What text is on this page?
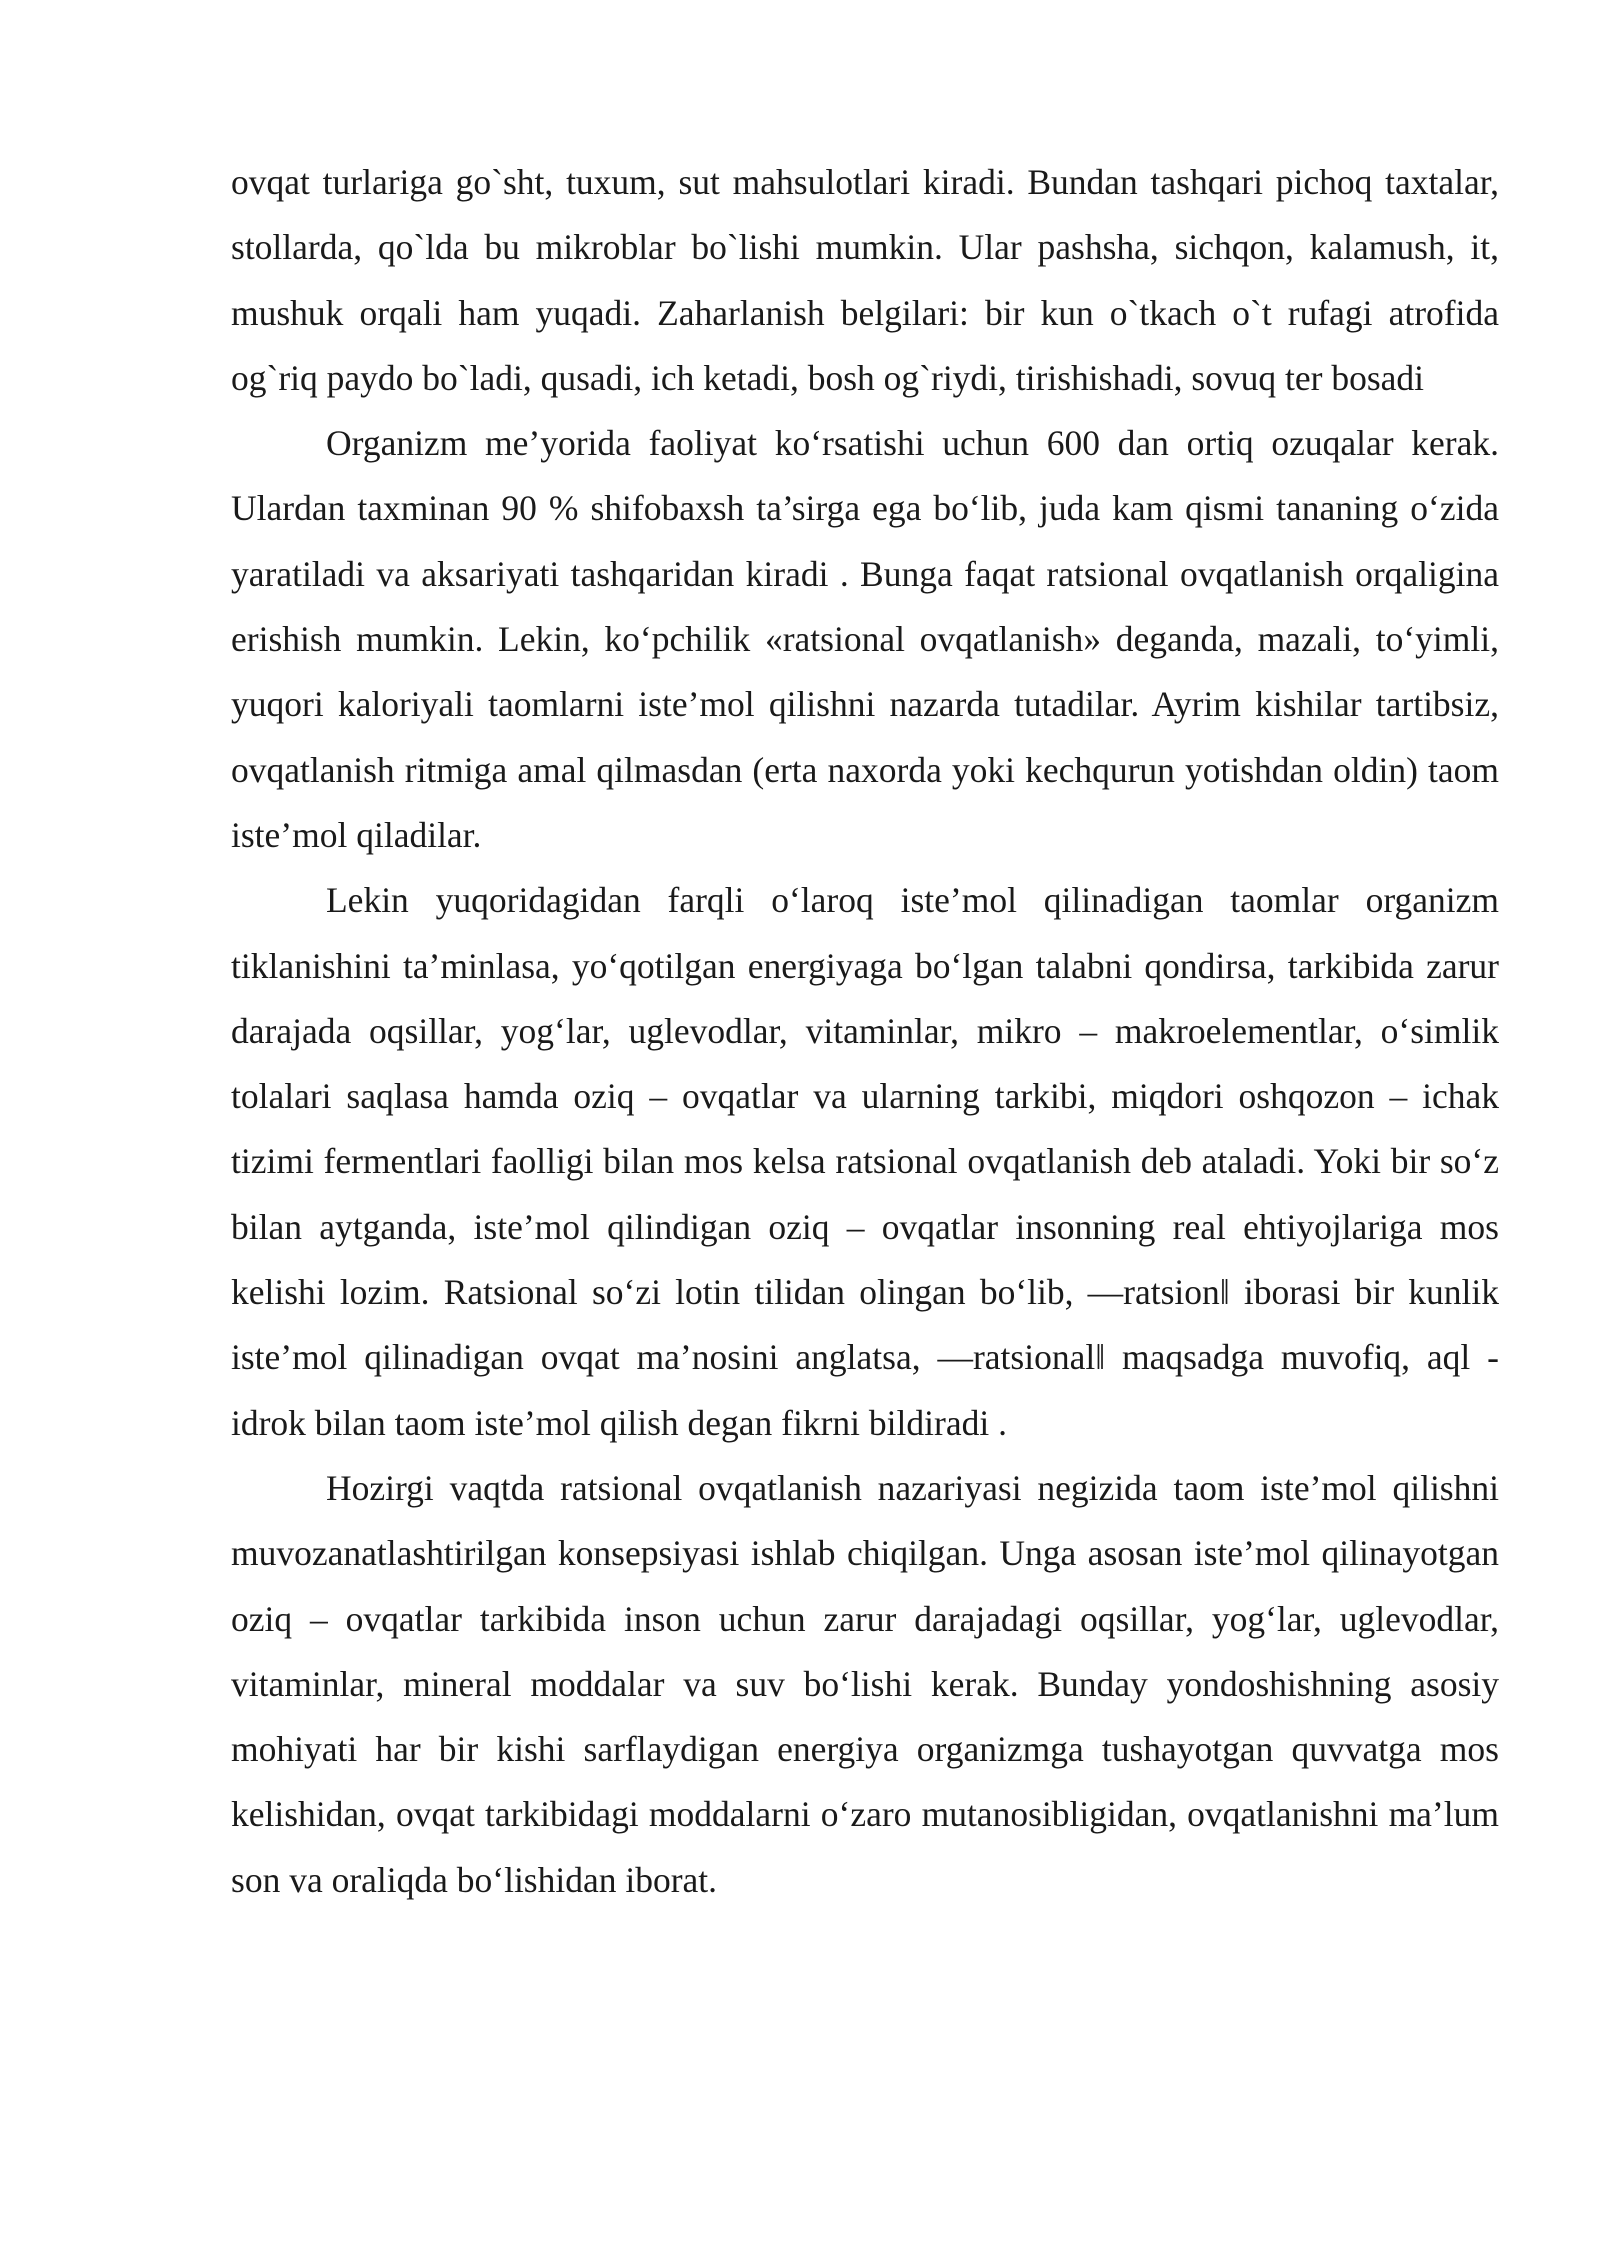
ovqat turlariga go`sht, tuxum, sut mahsulotlari kiradi. Bundan tashqari pichoq taxtalar, stollarda, qo`lda bu mikroblar bo`lishi mumkin. Ular pashsha, sichqon, kalamush, it, mushuk orqali ham yuqadi. Zaharlanish belgilari: bir kun o`tkach o`t rufagi atrofida og`riq paydo bo`ladi, qusadi, ich ketadi, bosh og`riydi, tirishishadi, sovuq ter bosadi

Organizm me’yorida faoliyat ko‘rsatishi uchun 600 dan ortiq ozuqalar kerak. Ulardan taxminan 90 % shifobaxsh ta’sirga ega bo‘lib, juda kam qismi tananing o‘zida yaratiladi va aksariyati tashqaridan kiradi . Bunga faqat ratsional ovqatlanish orqaligina erishish mumkin. Lekin, ko‘pchilik «ratsional ovqatlanish» deganda, mazali, to‘yimli, yuqori kaloriyali taomlarni iste’mol qilishni nazarda tutadilar. Ayrim kishilar tartibsiz, ovqatlanish ritmiga amal qilmasdan (erta naxorda yoki kechqurun yotishdan oldin) taom iste’mol qiladilar.

Lekin yuqoridagidan farqli o‘laroq iste’mol qilinadigan taomlar organizm tiklanishini ta’minlasa, yo‘qotilgan energiyaga bo‘lgan talabni qondirsa, tarkibida zarur darajada oqsillar, yog‘lar, uglevodlar, vitaminlar, mikro – makroelementlar, o‘simlik tolalari saqlasa hamda oziq – ovqatlar va ularning tarkibi, miqdori oshqozon – ichak tizimi fermentlari faolligi bilan mos kelsa ratsional ovqatlanish deb ataladi. Yoki bir so‘z bilan aytganda, iste’mol qilindigan oziq – ovqatlar insonning real ehtiyojlariga mos kelishi lozim. Ratsional so‘zi lotin tilidan olingan bo‘lib, ―ratsion‖ iborasi bir kunlik iste’mol qilinadigan ovqat ma’nosini anglatsa, ―ratsional‖ maqsadga muvofiq, aql - idrok bilan taom iste’mol qilish degan fikrni bildiradi .

Hozirgi vaqtda ratsional ovqatlanish nazariyasi negizida taom iste’mol qilishni muvozanatlashtirilgan konsepsiyasi ishlab chiqilgan. Unga asosan iste’mol qilinayotgan oziq – ovqatlar tarkibida inson uchun zarur darajadagi oqsillar, yog‘lar, uglevodlar, vitaminlar, mineral moddalar va suv bo‘lishi kerak. Bunday yondoshishning asosiy mohiyati har bir kishi sarflaydigan energiya organizmga tushayotgan quvvatga mos kelishidan, ovqat tarkibidagi moddalarni o‘zaro mutanosibligidan, ovqatlanishni ma’lum son va oraliqda bo‘lishidan iborat.
